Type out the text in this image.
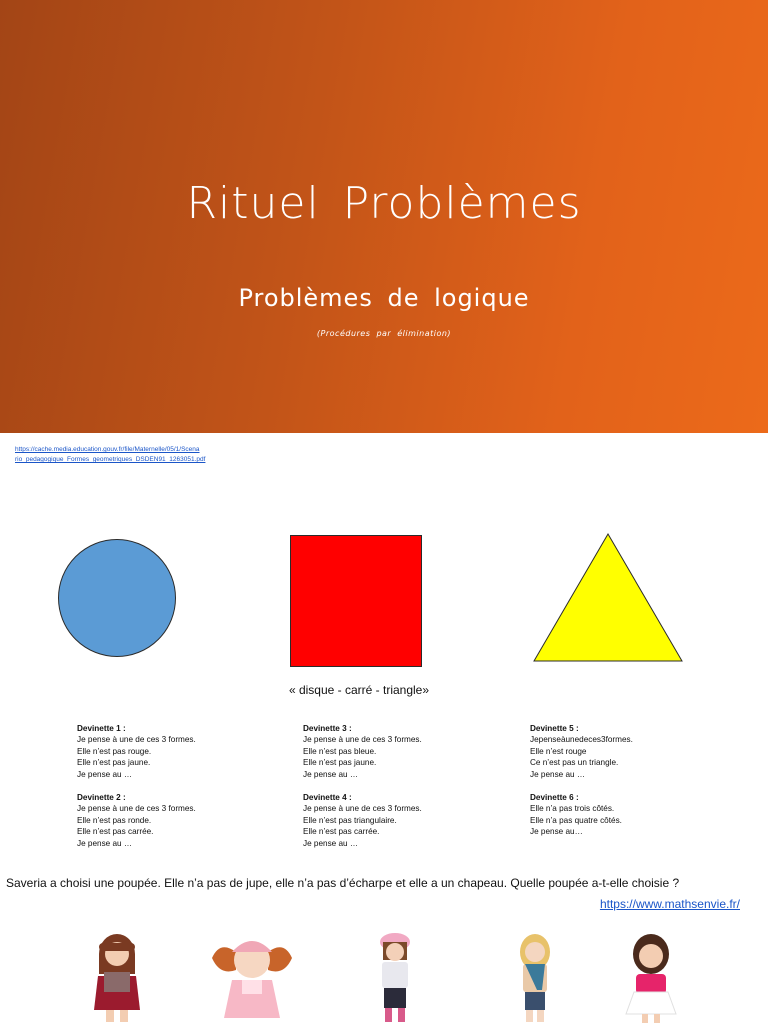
Rituel Problèmes
Problèmes de logique
(Procédures par élimination)
https://cache.media.education.gouv.fr/file/Maternelle/05/1/Scena
rio_pedagogique_Formes_geometriques_DSDEN91_1263051.pdf
« disque - carré - triangle»
Devinette 1 :
Je pense à une de ces 3 formes.
Elle n’est pas rouge.
Elle n’est pas jaune.
Je pense au …
Devinette 2 :
Je pense à une de ces 3 formes.
Elle n’est pas ronde.
Elle n’est pas carrée.
Je pense au …
Devinette 3 :
Je pense à une de ces 3 formes.
Elle n’est pas bleue.
Elle n’est pas jaune.
Je pense au …
Devinette 4 :
Je pense à une de ces 3 formes.
Elle n’est pas triangulaire.
Elle n’est pas carrée.
Je pense au …
Devinette 5 :
Jepenseàunedeces3formes.
Elle n’est rouge
Ce n’est pas un triangle.
Je pense au …
Devinette 6 :
Elle n’a pas trois côtés.
Elle n’a pas quatre côtés.
Je pense au…
Saveria a choisi une poupée. Elle n’a pas de jupe, elle n’a pas d’écharpe et elle a un chapeau. Quelle poupée a-t-elle choisie ?
https://www.mathsenvie.fr/
